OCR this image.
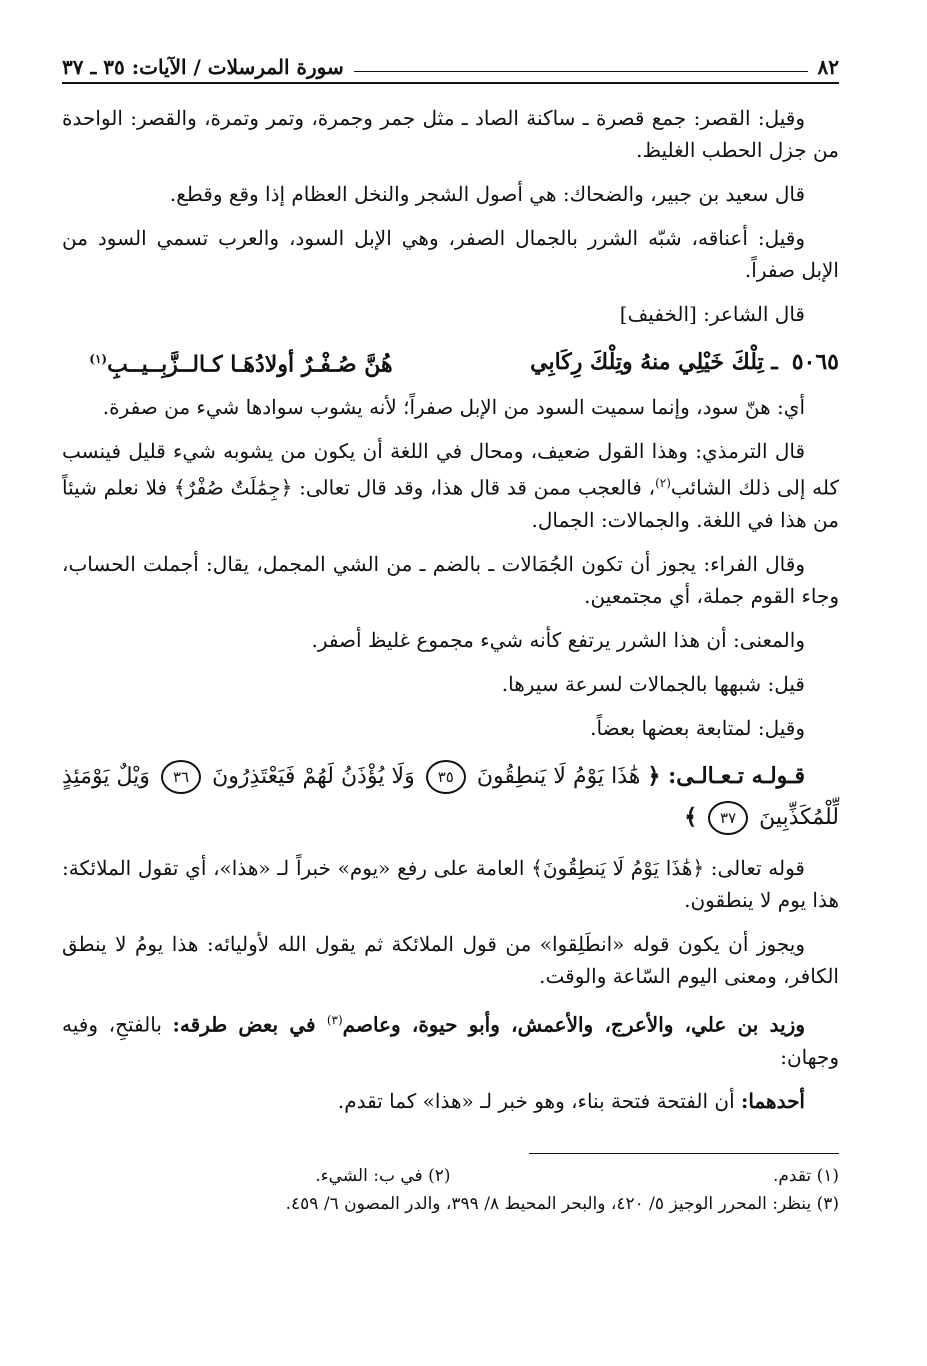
٨٢
سورة المرسلات / الآيات: ٣٥ ـ ٣٧

وقيل: القصر: جمع قصرة ـ ساكنة الصاد ـ مثل جمر وجمرة، وتمر وتمرة، والقصر: الواحدة من جزل الحطب الغليظ.

قال سعيد بن جبير، والضحاك: هي أصول الشجر والنخل العظام إذا وقع وقطع.

وقيل: أعناقه، شبّه الشرر بالجمال الصفر، وهي الإبل السود، والعرب تسمي السود من الإبل صفراً.

قال الشاعر: [الخفيف]

٥٠٦٥
ـ تِلْكَ خَيْلِي منهُ وتِلْكَ رِكَابِي
هُنَّ صُـفْـرٌ أولادُهَـا كـالــزَّبِــيــبِ$^{(١)}$

أي: هنّ سود، وإنما سميت السود من الإبل صفراً؛ لأنه يشوب سوادها شيء من صفرة.

قال الترمذي: وهذا القول ضعيف، ومحال في اللغة أن يكون من يشوبه شيء قليل فينسب كله إلى ذلك الشائب$^{(٢)}$، فالعجب ممن قد قال هذا، وقد قال تعالى: ﴿جِمَٰلَتٌ صُفْرٌ﴾ فلا نعلم شيئاً من هذا في اللغة. والجمالات: الجمال.

وقال الفراء: يجوز أن تكون الجُمَالات ـ بالضم ـ من الشي المجمل، يقال: أجملت الحساب، وجاء القوم جملة، أي مجتمعين.

والمعنى: أن هذا الشرر يرتفع كأنه شيء مجموع غليظ أصفر.

قيل: شبهها بالجمالات لسرعة سيرها.

وقيل: لمتابعة بعضها بعضاً.

قـولـه تـعـالـى: ﴿ هَٰذَا يَوْمُ لَا يَنطِقُونَ ٣٥ وَلَا يُؤْذَنُ لَهُمْ فَيَعْتَذِرُونَ ٣٦ وَيْلٌ يَوْمَئِذٍ لِّلْمُكَذِّبِينَ ٣٧ ﴾

قوله تعالى: ﴿هَٰذَا يَوْمُ لَا يَنطِقُونَ﴾ العامة على رفع «يوم» خبراً لـ «هذا»، أي تقول الملائكة: هذا يوم لا ينطقون.

ويجوز أن يكون قوله «انطَلِقوا» من قول الملائكة ثم يقول الله لأوليائه: هذا يومُ لا ينطق الكافر، ومعنى اليوم السّاعة والوقت.

وزيد بن علي، والأعرج، والأعمش، وأبو حيوة، وعاصم$^{(٣)}$ في بعض طرقه: بالفتحِ، وفيه وجهان:

أحدهما: أن الفتحة فتحة بناء، وهو خبر لـ «هذا» كما تقدم.

(١) تقدم.
(٢) في ب: الشيء.
(٣) ينظر: المحرر الوجيز ٥/ ٤٢٠، والبحر المحيط ٨/ ٣٩٩، والدر المصون ٦/ ٤٥٩.
